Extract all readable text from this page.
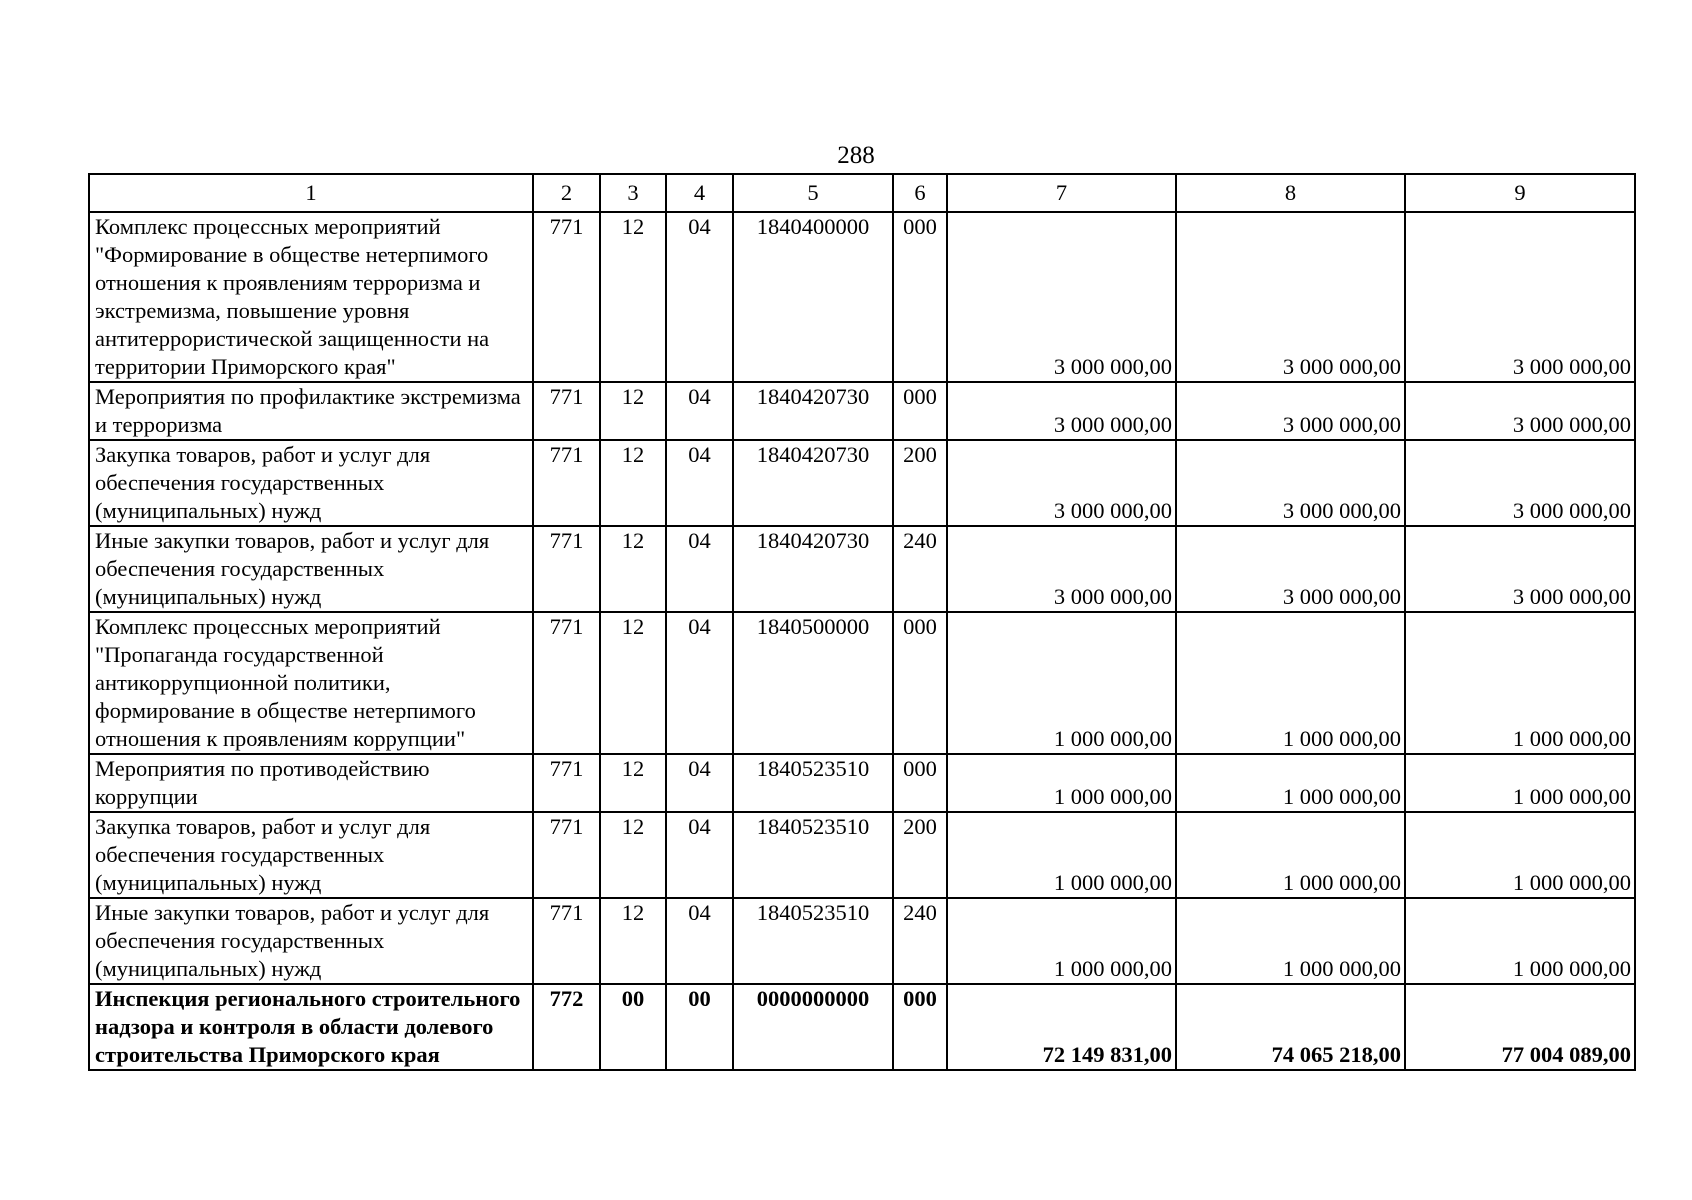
288
1	2	3	4	5	6	7	8	9
Комплекс процессных мероприятий "Формирование в обществе нетерпимого отношения к проявлениям терроризма и экстремизма, повышение уровня антитеррористической защищенности на территории Приморского края"	771	12	04	1840400000	000	3 000 000,00	3 000 000,00	3 000 000,00
Мероприятия по профилактике экстремизма и терроризма	771	12	04	1840420730	000	3 000 000,00	3 000 000,00	3 000 000,00
Закупка товаров, работ и услуг для обеспечения государственных (муниципальных) нужд	771	12	04	1840420730	200	3 000 000,00	3 000 000,00	3 000 000,00
Иные закупки товаров, работ и услуг для обеспечения государственных (муниципальных) нужд	771	12	04	1840420730	240	3 000 000,00	3 000 000,00	3 000 000,00
Комплекс процессных мероприятий "Пропаганда государственной антикоррупционной политики, формирование в обществе нетерпимого отношения к проявлениям коррупции"	771	12	04	1840500000	000	1 000 000,00	1 000 000,00	1 000 000,00
Мероприятия по противодействию коррупции	771	12	04	1840523510	000	1 000 000,00	1 000 000,00	1 000 000,00
Закупка товаров, работ и услуг для обеспечения государственных (муниципальных) нужд	771	12	04	1840523510	200	1 000 000,00	1 000 000,00	1 000 000,00
Иные закупки товаров, работ и услуг для обеспечения государственных (муниципальных) нужд	771	12	04	1840523510	240	1 000 000,00	1 000 000,00	1 000 000,00
Инспекция регионального строительного надзора и контроля в области долевого строительства Приморского края	772	00	00	0000000000	000	72 149 831,00	74 065 218,00	77 004 089,00
